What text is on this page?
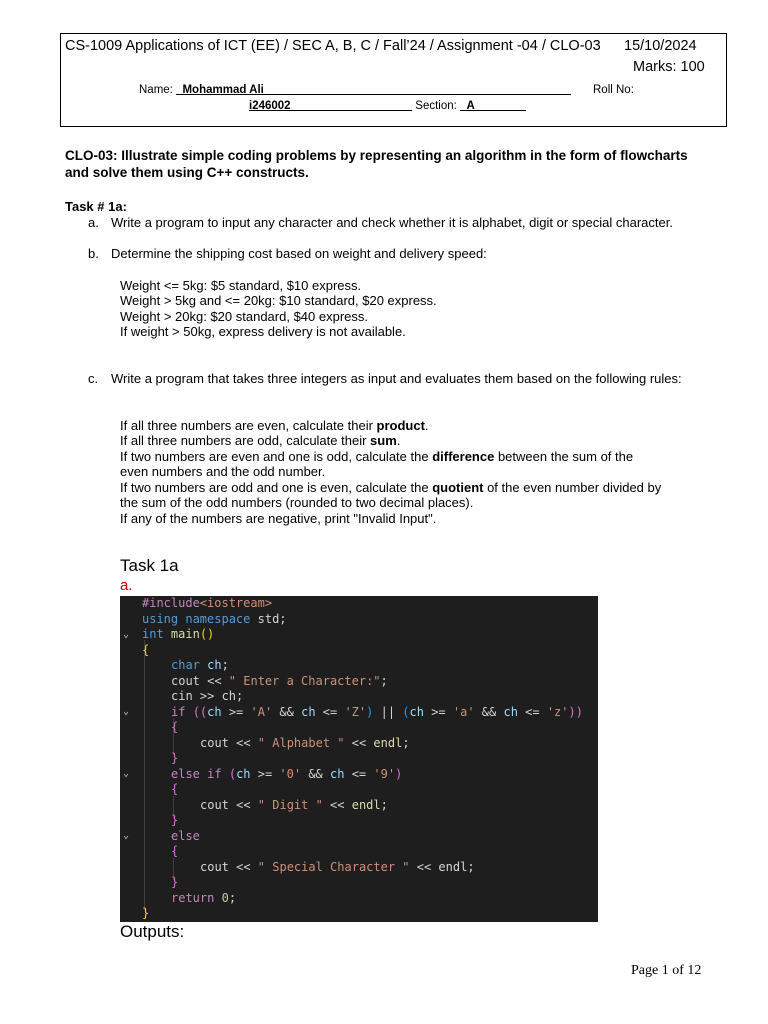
CS-1009 Applications of ICT (EE) / SEC A, B, C / Fall’24 / Assignment -04 / CLO-03 15/10/2024
Marks: 100
Name: _Mohammad Ali________________________________________________ Roll No:
i246002___________________ Section: _A________
CLO-03: Illustrate simple coding problems by representing an algorithm in the form of flowcharts and solve them using C++ constructs.
Task # 1a:
a. Write a program to input any character and check whether it is alphabet, digit or special character.
b. Determine the shipping cost based on weight and delivery speed:
Weight <= 5kg: $5 standard, $10 express.
Weight > 5kg and <= 20kg: $10 standard, $20 express.
Weight > 20kg: $20 standard, $40 express.
If weight > 50kg, express delivery is not available.
c. Write a program that takes three integers as input and evaluates them based on the following rules:
If all three numbers are even, calculate their product.
If all three numbers are odd, calculate their sum.
If two numbers are even and one is odd, calculate the difference between the sum of the
even numbers and the odd number.
If two numbers are odd and one is even, calculate the quotient of the even number divided by
the sum of the odd numbers (rounded to two decimal places).
If any of the numbers are negative, print "Invalid Input".
Task 1a
a.
⌄
⌄
⌄
⌄
#include<iostream>
using namespace std;
int main()
{
char ch;
cout << " Enter a Character:";
cin >> ch;
if ((ch >= 'A' && ch <= 'Z') || (ch >= 'a' && ch <= 'z'))
{
cout << " Alphabet " << endl;
}
else if (ch >= '0' && ch <= '9')
{
cout << " Digit " << endl;
}
else
{
cout << " Special Character " << endl;
}
return 0;
}
Outputs:
Page 1 of 12
